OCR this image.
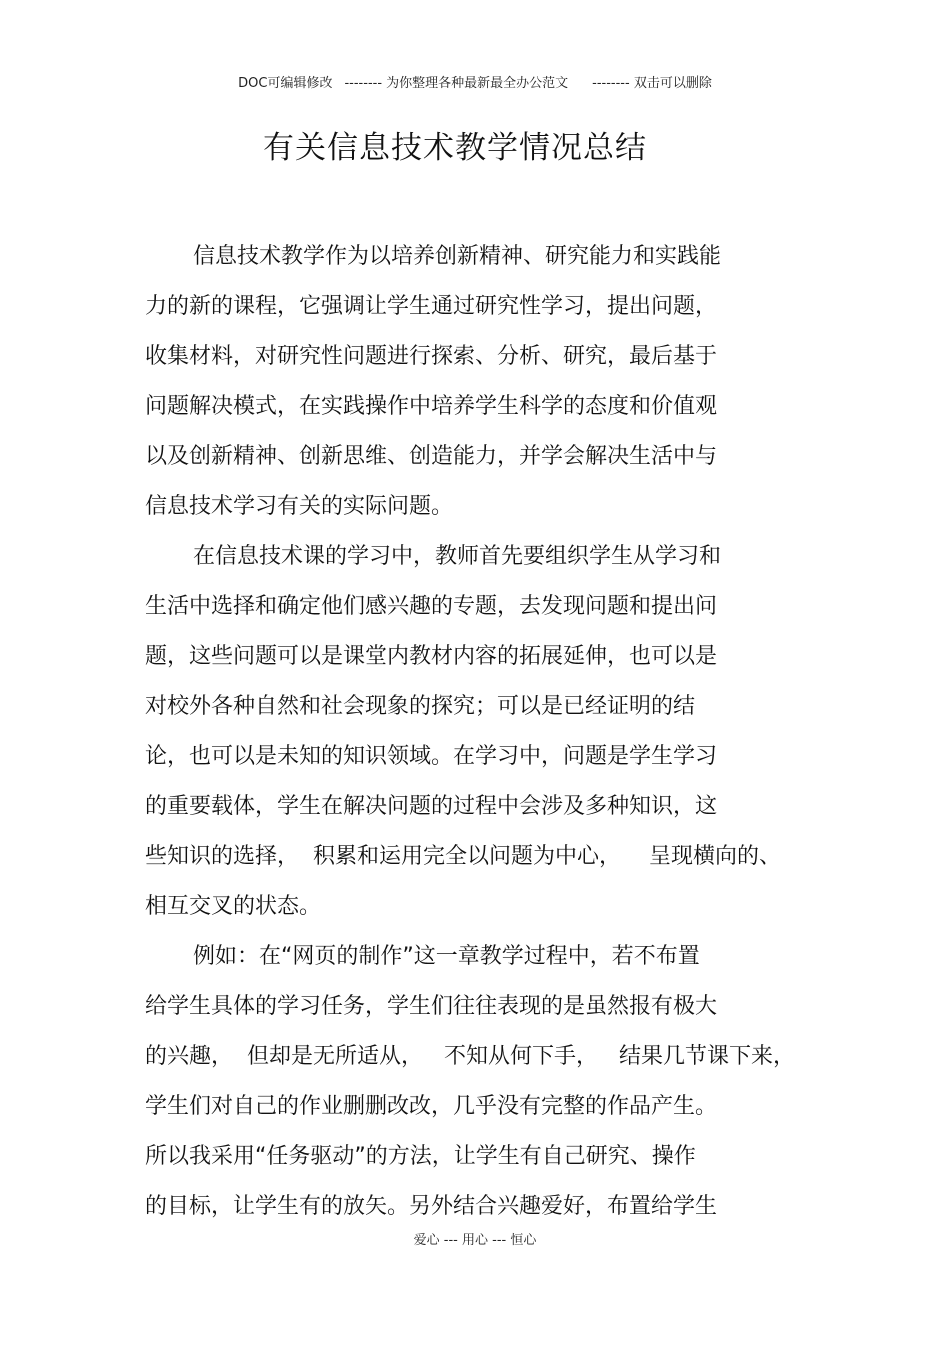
DOC可编辑修改 -------- 为你整理各种最新最全办公范文 -------- 双击可以删除
有关信息技术教学情况总结
信息技术教学作为以培养创新精神、研究能力和实践能
力的新的课程，它强调让学生通过研究性学习，提出问题，
收集材料，对研究性问题进行探索、分析、研究，最后基于
问题解决模式，在实践操作中培养学生科学的态度和价值观
以及创新精神、创新思维、创造能力，并学会解决生活中与
信息技术学习有关的实际问题。
在信息技术课的学习中，教师首先要组织学生从学习和
生活中选择和确定他们感兴趣的专题，去发现问题和提出问
题，这些问题可以是课堂内教材内容的拓展延伸，也可以是
对校外各种自然和社会现象的探究；可以是已经证明的结
论，也可以是未知的知识领域。在学习中，问题是学生学习
的重要载体，学生在解决问题的过程中会涉及多种知识，这
些知识的选择，  积累和运用完全以问题为中心，    呈现横向的、
相互交叉的状态。
例如：在“网页的制作”这一章教学过程中，若不布置
给学生具体的学习任务，学生们往往表现的是虽然报有极大
的兴趣，  但却是无所适从，   不知从何下手，   结果几节课下来，
学生们对自己的作业删删改改，几乎没有完整的作品产生。
所以我采用“任务驱动”的方法，让学生有自己研究、操作
的目标，让学生有的放矢。另外结合兴趣爱好，布置给学生
爱心 --- 用心 --- 恒心
